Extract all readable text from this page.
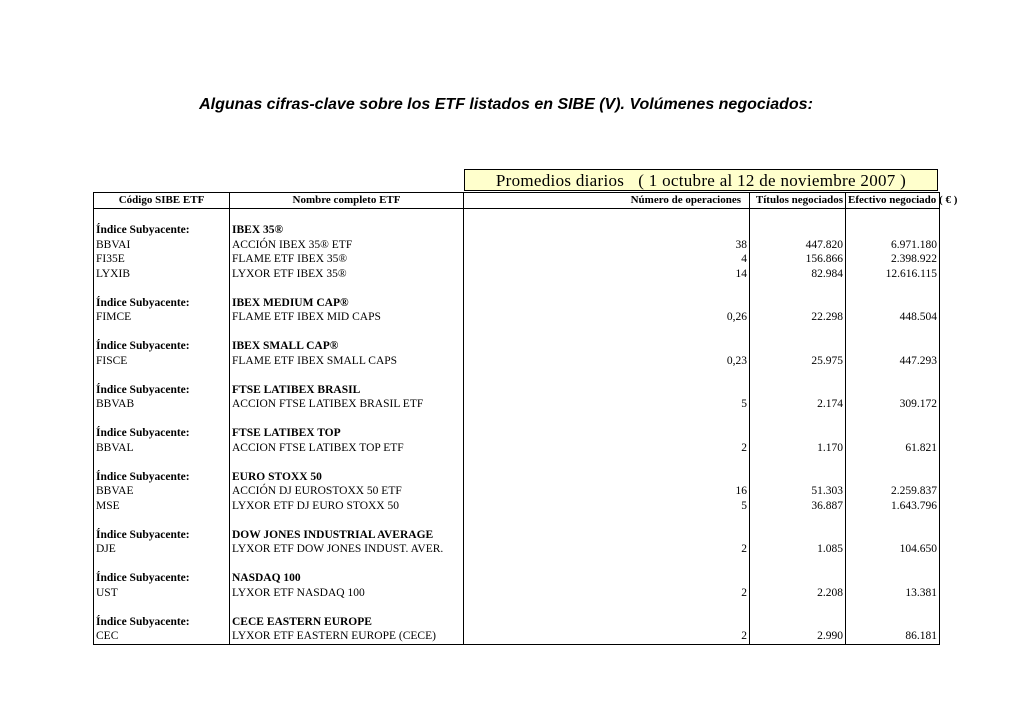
Algunas cifras-clave sobre los ETF listados en SIBE (V). Volúmenes negociados:
Promedios diarios ( 1 octubre al 12 de noviembre 2007 )
Código SIBE ETF	Nombre completo ETF	Número de operaciones	Títulos negociados	Efectivo negociado ( € )

Índice Subyacente:	IBEX 35®			
BBVAI	ACCIÓN IBEX 35® ETF	38	447.820	6.971.180
FI35E	FLAME ETF IBEX 35®	4	156.866	2.398.922
LYXIB	LYXOR ETF IBEX 35®	14	82.984	12.616.115

Índice Subyacente:	IBEX MEDIUM CAP®			
FIMCE	FLAME ETF IBEX MID CAPS	0,26	22.298	448.504

Índice Subyacente:	IBEX SMALL CAP®			
FISCE	FLAME ETF IBEX SMALL CAPS	0,23	25.975	447.293

Índice Subyacente:	FTSE LATIBEX BRASIL			
BBVAB	ACCION FTSE LATIBEX BRASIL ETF	5	2.174	309.172

Índice Subyacente:	FTSE LATIBEX TOP			
BBVAL	ACCION FTSE LATIBEX TOP ETF	2	1.170	61.821

Índice Subyacente:	EURO STOXX 50			
BBVAE	ACCIÓN DJ EUROSTOXX 50 ETF	16	51.303	2.259.837
MSE	LYXOR ETF DJ EURO STOXX 50	5	36.887	1.643.796

Índice Subyacente:	DOW JONES INDUSTRIAL AVERAGE			
DJE	LYXOR ETF DOW JONES INDUST. AVER.	2	1.085	104.650

Índice Subyacente:	NASDAQ 100			
UST	LYXOR ETF NASDAQ 100	2	2.208	13.381

Índice Subyacente:	CECE EASTERN EUROPE			
CEC	LYXOR ETF EASTERN EUROPE (CECE)	2	2.990	86.181
